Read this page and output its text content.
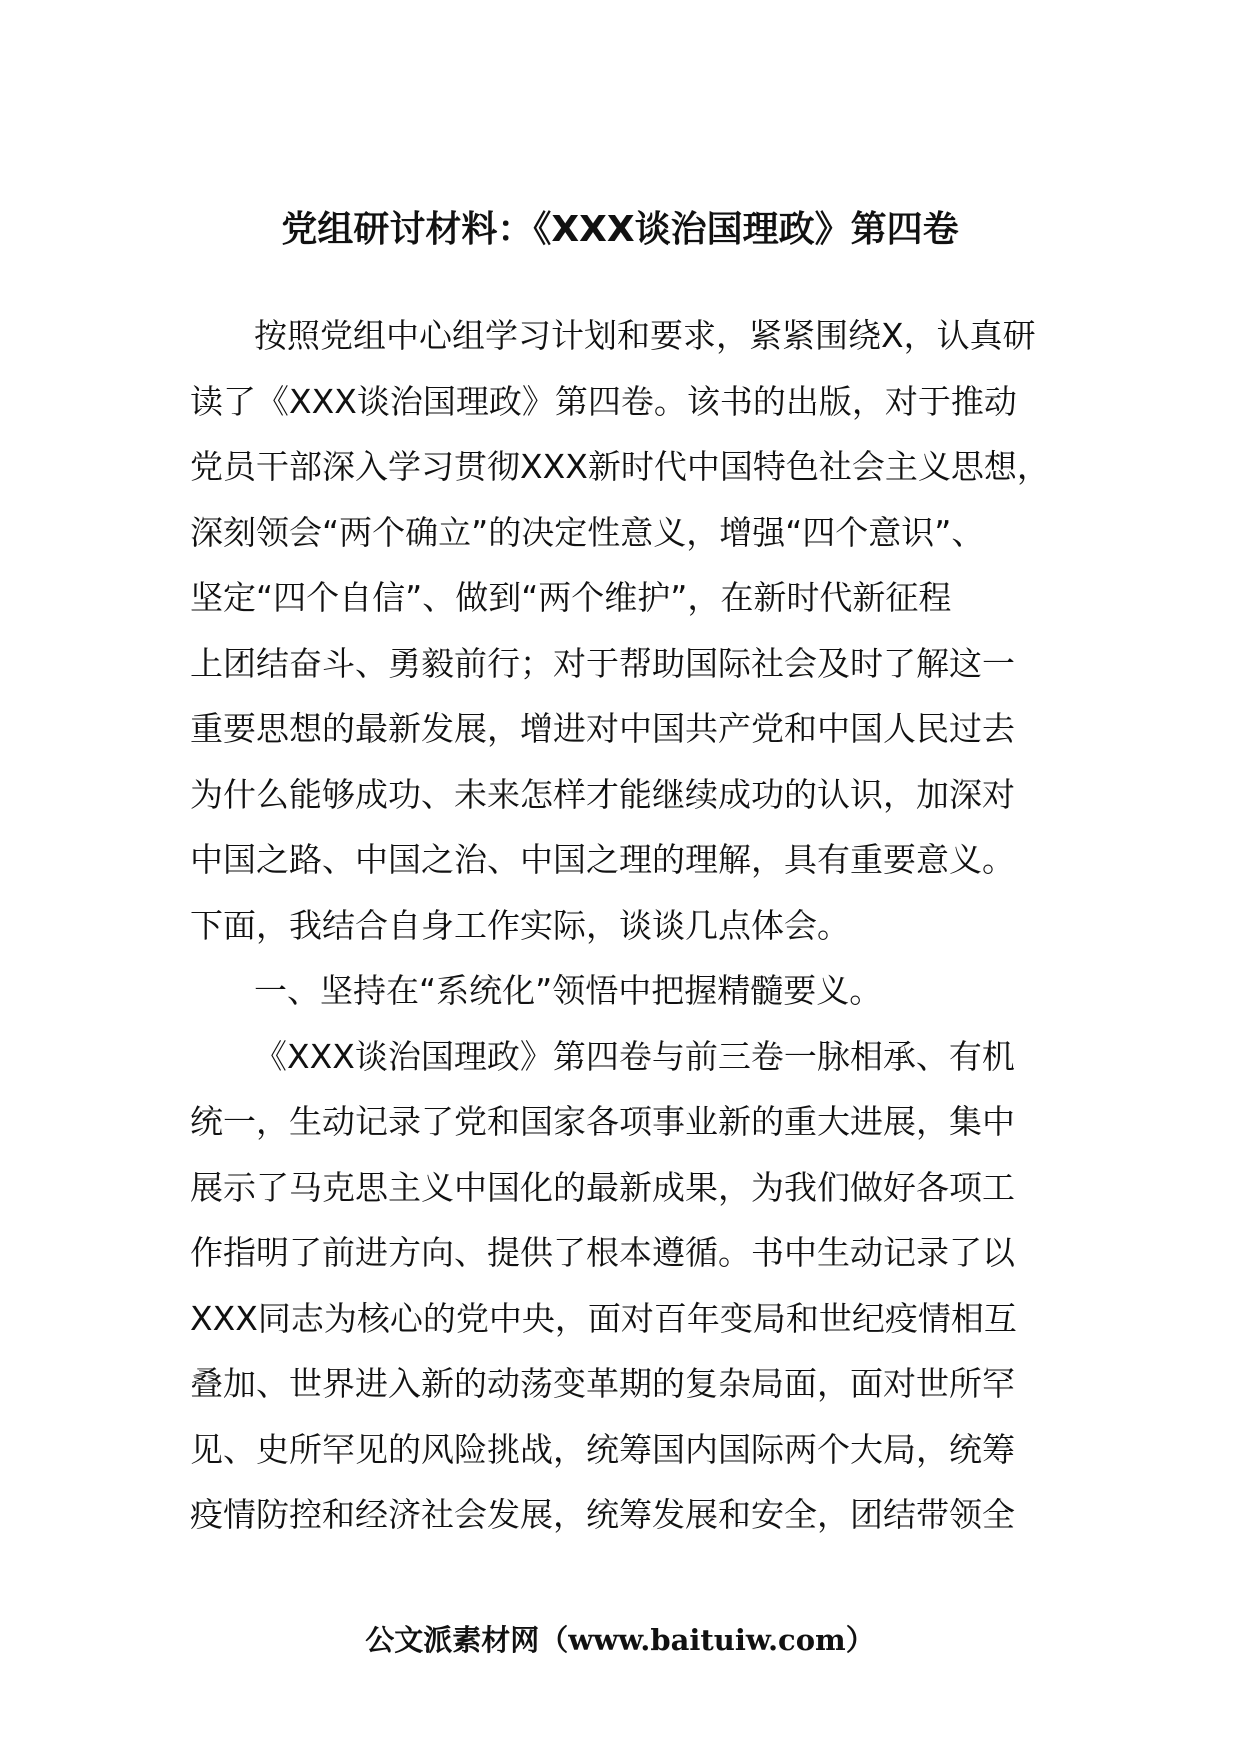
党组研讨材料：《XXX谈治国理政》第四卷
按照党组中心组学习计划和要求，紧紧围绕X，认真研
读了《XXX谈治国理政》第四卷。该书的出版，对于推动
党员干部深入学习贯彻XXX新时代中国特色社会主义思想，
深刻领会“两个确立”的决定性意义，增强“四个意识”、
坚定“四个自信”、做到“两个维护”，在新时代新征程
上团结奋斗、勇毅前行；对于帮助国际社会及时了解这一
重要思想的最新发展，增进对中国共产党和中国人民过去
为什么能够成功、未来怎样才能继续成功的认识，加深对
中国之路、中国之治、中国之理的理解，具有重要意义。
下面，我结合自身工作实际，谈谈几点体会。
一、坚持在“系统化”领悟中把握精髓要义。
《XXX谈治国理政》第四卷与前三卷一脉相承、有机
统一，生动记录了党和国家各项事业新的重大进展，集中
展示了马克思主义中国化的最新成果，为我们做好各项工
作指明了前进方向、提供了根本遵循。书中生动记录了以
XXX同志为核心的党中央，面对百年变局和世纪疫情相互
叠加、世界进入新的动荡变革期的复杂局面，面对世所罕
见、史所罕见的风险挑战，统筹国内国际两个大局，统筹
疫情防控和经济社会发展，统筹发展和安全，团结带领全
公文派素材网（www.baituiw.com）
